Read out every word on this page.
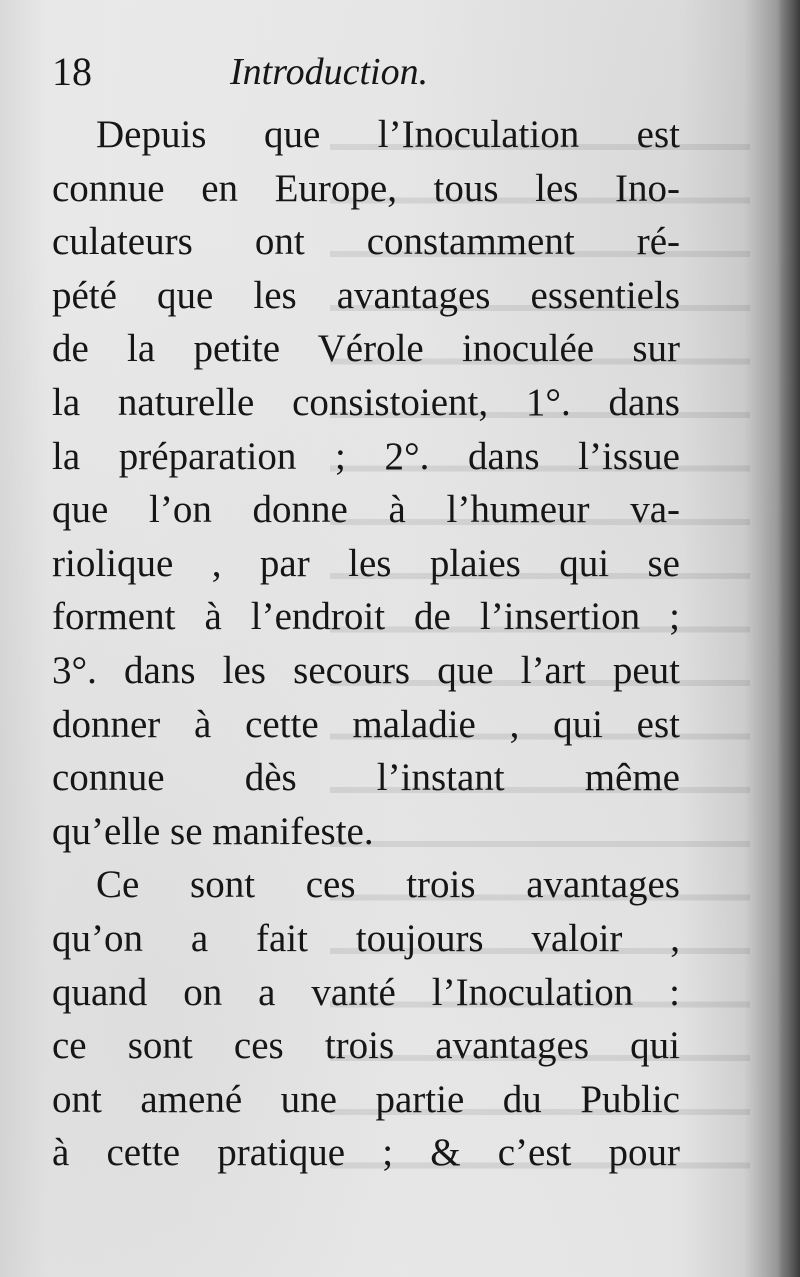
18	Introduction.
Depuis que l’Inoculation est
connue en Europe, tous les Ino-
culateurs ont constamment ré-
pété que les avantages essentiels
de la petite Vérole inoculée sur
la naturelle consistoient, 1°. dans
la préparation ; 2°. dans l’issue
que l’on donne à l’humeur va-
riolique , par les plaies qui se
forment à l’endroit de l’insertion ;
3°. dans les secours que l’art peut
donner à cette maladie , qui est
connue dès l’instant même
qu’elle se manifeste.
Ce sont ces trois avantages
qu’on a fait toujours valoir ,
quand on a vanté l’Inoculation :
ce sont ces trois avantages qui
ont amené une partie du Public
à cette pratique ; & c’est pour
